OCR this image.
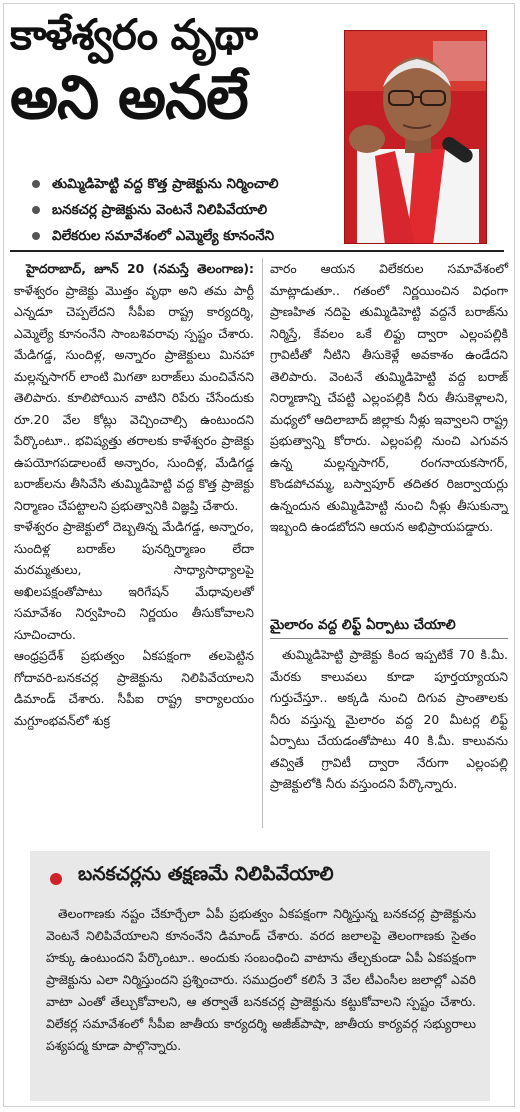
కాళేశ్వరం వృథా
అని అనలే
తుమ్మిడిహెట్టి వద్ద కొత్త ప్రాజెక్టును నిర్మించాలి
బనకచర్ల ప్రాజెక్టును వెంటనే నిలిపివేయాలి
విలేకరుల సమావేశంలో ఎమ్మెల్యే కూనంనేని

హైదరాబాద్, జూన్ 20 (నమస్తే తెలంగాణ): కాళేశ్వరం ప్రాజెక్టు మొత్తం వృథా అని తమ పార్టీ ఎన్నడూ చెప్పలేదని సీపీఐ రాష్ట్ర కార్యదర్శి, ఎమ్మెల్యే కూనంనేని సాంబశివరావు స్పష్టం చేశారు. మేడిగడ్డ, సుందిళ్ల, అన్నారం ప్రాజెక్టులు మినహా మల్లన్నసాగర్ లాంటి మిగతా బరాజ్‌లు మంచివేనని తెలిపారు. కూలిపోయిన వాటిని రిపేరు చేసేందుకు రూ.20 వేల కోట్లు వెచ్చించాల్సి ఉంటుందని పేర్కొంటూ.. భవిష్యత్తు తరాలకు కాళేశ్వరం ప్రాజెక్టు ఉపయోగపడాలంటే అన్నారం, సుందిళ్ల, మేడిగడ్డ బరాజ్‌లను తీసివేసి తుమ్మిడిహెట్టి వద్ద కొత్త ప్రాజెక్టు నిర్మాణం చేపట్టాలని ప్రభుత్వానికి విజ్ఞప్తి చేశారు.

కాళేశ్వరం ప్రాజెక్టులో దెబ్బతిన్న మేడిగడ్డ, అన్నారం, సుందిళ్ల బరాజ్‌ల పునర్నిర్మాణం లేదా మరమ్మతులు, సాధ్యాసాధ్యాలపై అఖిలపక్షంతోపాటు ఇరిగేషన్ మేధావులతో సమావేశం నిర్వహించి నిర్ణయం తీసుకోవాలని సూచించారు.

ఆంధ్రప్రదేశ్ ప్రభుత్వం ఏకపక్షంగా తలపెట్టిన గోదావరి-బనకచర్ల ప్రాజెక్టును నిలిపివేయాలని డిమాండ్ చేశారు. సీపీఐ రాష్ట్ర కార్యాలయం మగ్దూంభవన్‌లో శుక్ర

వారం ఆయన విలేకరుల సమావేశంలో మాట్లాడుతూ.. గతంలో నిర్ణయించిన విధంగా ప్రాణహిత నదిపై తుమ్మిడిహెట్టి వద్దనే బరాజ్‌ను నిర్మిస్తే, కేవలం ఒకే లిఫ్టు ద్వారా ఎల్లంపల్లికి గ్రావిటీతో నీటిని తీసుకెళ్లే అవకాశం ఉండేదని తెలిపారు. వెంటనే తుమ్మిడిహెట్టి వద్ద బరాజ్ నిర్మాణాన్ని చేపట్టి ఎల్లంపల్లికి నీరు తీసుకెళ్లాలని, మధ్యలో ఆదిలాబాద్ జిల్లాకు నీళ్లు ఇవ్వాలని రాష్ట్ర ప్రభుత్వాన్ని కోరారు. ఎల్లంపల్లి నుంచి ఎగువన ఉన్న మల్లన్నసాగర్, రంగనాయకసాగర్, కొండపోచమ్మ, బస్వాపూర్ తదితర రిజర్వాయర్లు ఉన్నందున తుమ్మిడిహెట్టి నుంచి నీళ్లు తీసుకున్నా ఇబ్బంది ఉండబోదని ఆయన అభిప్రాయపడ్డారు.

మైలారం వద్ద లిఫ్ట్ ఏర్పాటు చేయాలి

తుమ్మిడిహెట్టి ప్రాజెక్టు కింద ఇప్పటికే 70 కి.మీ. మేరకు కాలువలు కూడా పూర్తయ్యాయని గుర్తుచేస్తూ.. అక్కడి నుంచి దిగువ ప్రాంతాలకు నీరు వస్తున్న మైలారం వద్ద 20 మీటర్ల లిఫ్ట్ ఏర్పాటు చేయడంతోపాటు 40 కి.మీ. కాలువను తవ్వితే గ్రావిటీ ద్వారా నేరుగా ఎల్లంపల్లి ప్రాజెక్టులోకి నీరు వస్తుందని పేర్కొన్నారు.

బనకచర్లను తక్షణమే నిలిపివేయాలి

తెలంగాణకు నష్టం చేకూర్చేలా ఏపీ ప్రభుత్వం ఏకపక్షంగా నిర్మిస్తున్న బనకచర్ల ప్రాజెక్టును వెంటనే నిలిపివేయాలని కూనంనేని డిమాండ్ చేశారు. వరద జలాలపై తెలంగాణకు సైతం హక్కు ఉంటుందని పేర్కొంటూ.. అందుకు సంబంధించి వాటాను తేల్చకుండా ఏపీ ఏకపక్షంగా ప్రాజెక్టును ఎలా నిర్మిస్తుందని ప్రశ్నించారు. సముద్రంలో కలిసే 3 వేల టీఎంసీల జలాల్లో ఎవరి వాటా ఎంతో తేల్చుకోవాలని, ఆ తర్వాతే బనకచర్ల ప్రాజెక్టును కట్టుకోవాలని స్పష్టం చేశారు. విలేకర్ల సమావేశంలో సీపీఐ జాతీయ కార్యదర్శి అజీజ్‌పాషా, జాతీయ కార్యవర్గ సభ్యురాలు పశ్యపద్మ కూడా పాల్గొన్నారు.
